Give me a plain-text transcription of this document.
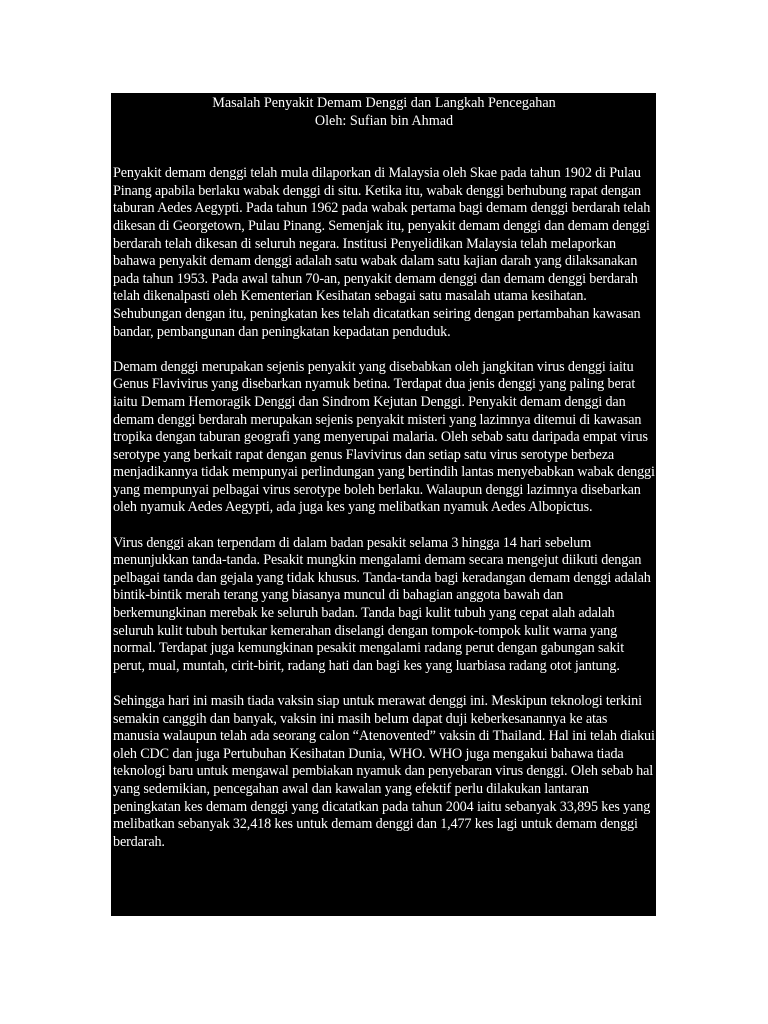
Masalah Penyakit Demam Denggi dan Langkah Pencegahan
Oleh: Sufian bin Ahmad

Penyakit demam denggi telah mula dilaporkan di Malaysia oleh Skae pada tahun 1902 di Pulau Pinang apabila berlaku wabak denggi di situ. Ketika itu, wabak denggi berhubung rapat dengan taburan Aedes Aegypti. Pada tahun 1962 pada wabak pertama bagi demam denggi berdarah telah dikesan di Georgetown, Pulau Pinang. Semenjak itu, penyakit demam denggi dan demam denggi berdarah telah dikesan di seluruh negara. Institusi Penyelidikan Malaysia telah melaporkan bahawa penyakit demam denggi adalah satu wabak dalam satu kajian darah yang dilaksanakan pada tahun 1953. Pada awal tahun 70-an, penyakit demam denggi dan demam denggi berdarah telah dikenalpasti oleh Kementerian Kesihatan sebagai satu masalah utama kesihatan. Sehubungan dengan itu, peningkatan kes telah dicatatkan seiring dengan pertambahan kawasan bandar, pembangunan dan peningkatan kepadatan penduduk.

Demam denggi merupakan sejenis penyakit yang disebabkan oleh jangkitan virus denggi iaitu Genus Flavivirus yang disebarkan nyamuk betina. Terdapat dua jenis denggi yang paling berat iaitu Demam Hemoragik Denggi dan Sindrom Kejutan Denggi. Penyakit demam denggi dan demam denggi berdarah merupakan sejenis penyakit misteri yang lazimnya ditemui di kawasan tropika dengan taburan geografi yang menyerupai malaria. Oleh sebab satu daripada empat virus serotype yang berkait rapat dengan genus Flavivirus dan setiap satu virus serotype berbeza menjadikannya tidak mempunyai perlindungan yang bertindih lantas menyebabkan wabak denggi yang mempunyai pelbagai virus serotype boleh berlaku. Walaupun denggi lazimnya disebarkan oleh nyamuk Aedes Aegypti, ada juga kes yang melibatkan nyamuk Aedes Albopictus.

Virus denggi akan terpendam di dalam badan pesakit selama 3 hingga 14 hari sebelum menunjukkan tanda-tanda. Pesakit mungkin mengalami demam secara mengejut diikuti dengan pelbagai tanda dan gejala yang tidak khusus. Tanda-tanda bagi keradangan demam denggi adalah bintik-bintik merah terang yang biasanya muncul di bahagian anggota bawah dan berkemungkinan merebak ke seluruh badan. Tanda bagi kulit tubuh yang cepat alah adalah seluruh kulit tubuh bertukar kemerahan diselangi dengan tompok-tompok kulit warna yang normal. Terdapat juga kemungkinan pesakit mengalami radang perut dengan gabungan sakit perut, mual, muntah, cirit-birit, radang hati dan bagi kes yang luarbiasa radang otot jantung.

Sehingga hari ini masih tiada vaksin siap untuk merawat denggi ini. Meskipun teknologi terkini semakin canggih dan banyak, vaksin ini masih belum dapat duji keberkesanannya ke atas manusia walaupun telah ada seorang calon “Atenovented” vaksin di Thailand. Hal ini telah diakui oleh CDC dan juga Pertubuhan Kesihatan Dunia, WHO. WHO juga mengakui bahawa tiada teknologi baru untuk mengawal pembiakan nyamuk dan penyebaran virus denggi. Oleh sebab hal yang sedemikian, pencegahan awal dan kawalan yang efektif perlu dilakukan lantaran peningkatan kes demam denggi yang dicatatkan pada tahun 2004 iaitu sebanyak 33,895 kes yang melibatkan sebanyak 32,418 kes untuk demam denggi dan 1,477 kes lagi untuk demam denggi berdarah.
